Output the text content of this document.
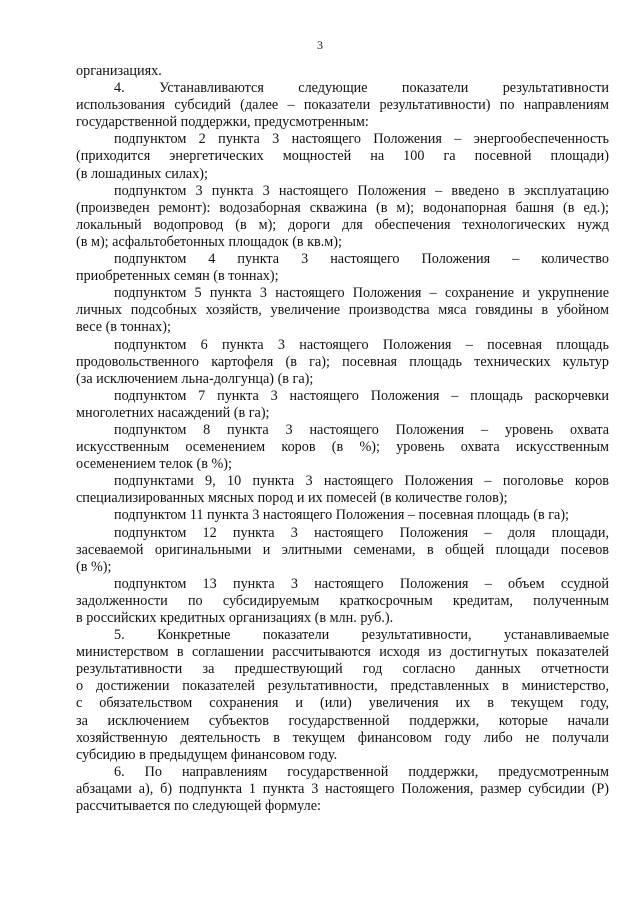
3
организациях.
4. Устанавливаются следующие показатели результативности
использования субсидий (далее – показатели результативности) по направлениям
государственной поддержки, предусмотренным:
подпунктом 2 пункта 3 настоящего Положения – энергообеспеченность
(приходится энергетических мощностей на 100 га посевной площади)
(в лошадиных силах);
подпунктом 3 пункта 3 настоящего Положения – введено в эксплуатацию
(произведен ремонт): водозаборная скважина (в м); водонапорная башня (в ед.);
локальный водопровод (в м); дороги для обеспечения технологических нужд
(в м); асфальтобетонных площадок (в кв.м);
подпунктом 4 пункта 3 настоящего Положения – количество
приобретенных семян (в тоннах);
подпунктом 5 пункта 3 настоящего Положения – сохранение и укрупнение
личных подсобных хозяйств, увеличение производства мяса говядины в убойном
весе (в тоннах);
подпунктом 6 пункта 3 настоящего Положения – посевная площадь
продовольственного картофеля (в га); посевная площадь технических культур
(за исключением льна-долгунца) (в га);
подпунктом 7 пункта 3 настоящего Положения – площадь раскорчевки
многолетних насаждений (в га);
подпунктом 8 пункта 3 настоящего Положения – уровень охвата
искусственным осеменением коров (в %); уровень охвата искусственным
осеменением телок (в %);
подпунктами 9, 10 пункта 3 настоящего Положения – поголовье коров
специализированных мясных пород и их помесей (в количестве голов);
подпунктом 11 пункта 3 настоящего Положения – посевная площадь (в га);
подпунктом 12 пункта 3 настоящего Положения – доля площади,
засеваемой оригинальными и элитными семенами, в общей площади посевов
(в %);
подпунктом 13 пункта 3 настоящего Положения – объем ссудной
задолженности по субсидируемым краткосрочным кредитам, полученным
в российских кредитных организациях (в млн. руб.).
5. Конкретные показатели результативности, устанавливаемые
министерством в соглашении рассчитываются исходя из достигнутых показателей
результативности за предшествующий год согласно данных отчетности
о достижении показателей результативности, представленных в министерство,
с обязательством сохранения и (или) увеличения их в текущем году,
за исключением субъектов государственной поддержки, которые начали
хозяйственную деятельность в текущем финансовом году либо не получали
субсидию в предыдущем финансовом году.
6. По направлениям государственной поддержки, предусмотренным
абзацами а), б) подпункта 1 пункта 3 настоящего Положения, размер субсидии (Р)
рассчитывается по следующей формуле:
